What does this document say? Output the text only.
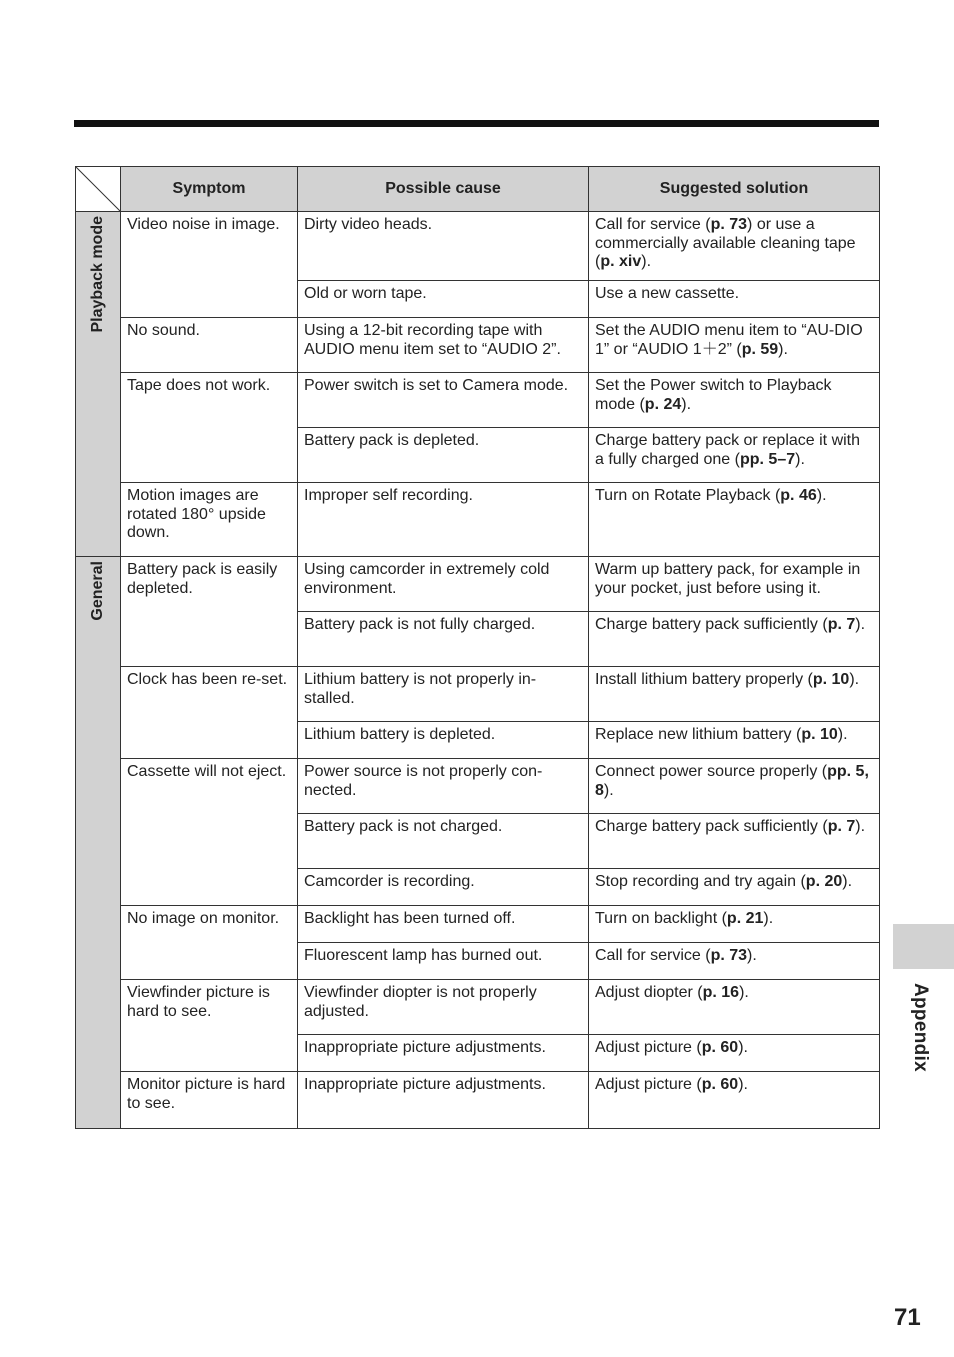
	Symptom	Possible cause	Suggested solution
Playback mode	Video noise in image.	Dirty video heads.	Call for service (p. 73) or use a commercially available cleaning tape (p. xiv).
		Old or worn tape.	Use a new cassette.
	No sound.	Using a 12-bit recording tape with AUDIO menu item set to “AUDIO 2”.	Set the AUDIO menu item to “AU-DIO 1” or “AUDIO 1＋2” (p. 59).
	Tape does not work.	Power switch is set to Camera mode.	Set the Power switch to Playback mode (p. 24).
		Battery pack is depleted.	Charge battery pack or replace it with a fully charged one (pp. 5–7).
	Motion images are rotated 180° upside down.	Improper self recording.	Turn on Rotate Playback (p. 46).
General	Battery pack is easily depleted.	Using camcorder in extremely cold environment.	Warm up battery pack, for example in your pocket, just before using it.
		Battery pack is not fully charged.	Charge battery pack sufficiently (p. 7).
	Clock has been re-set.	Lithium battery is not properly in-stalled.	Install lithium battery properly (p. 10).
		Lithium battery is depleted.	Replace new lithium battery (p. 10).
	Cassette will not eject.	Power source is not properly con-nected.	Connect power source properly (pp. 5, 8).
		Battery pack is not charged.	Charge battery pack sufficiently (p. 7).
		Camcorder is recording.	Stop recording and try again (p. 20).
	No image on monitor.	Backlight has been turned off.	Turn on backlight (p. 21).
		Fluorescent lamp has burned out.	Call for service (p. 73).
	Viewfinder picture is hard to see.	Viewfinder diopter is not properly adjusted.	Adjust diopter (p. 16).
		Inappropriate picture adjustments.	Adjust picture (p. 60).
	Monitor picture is hard to see.	Inappropriate picture adjustments.	Adjust picture (p. 60).
Appendix
71
